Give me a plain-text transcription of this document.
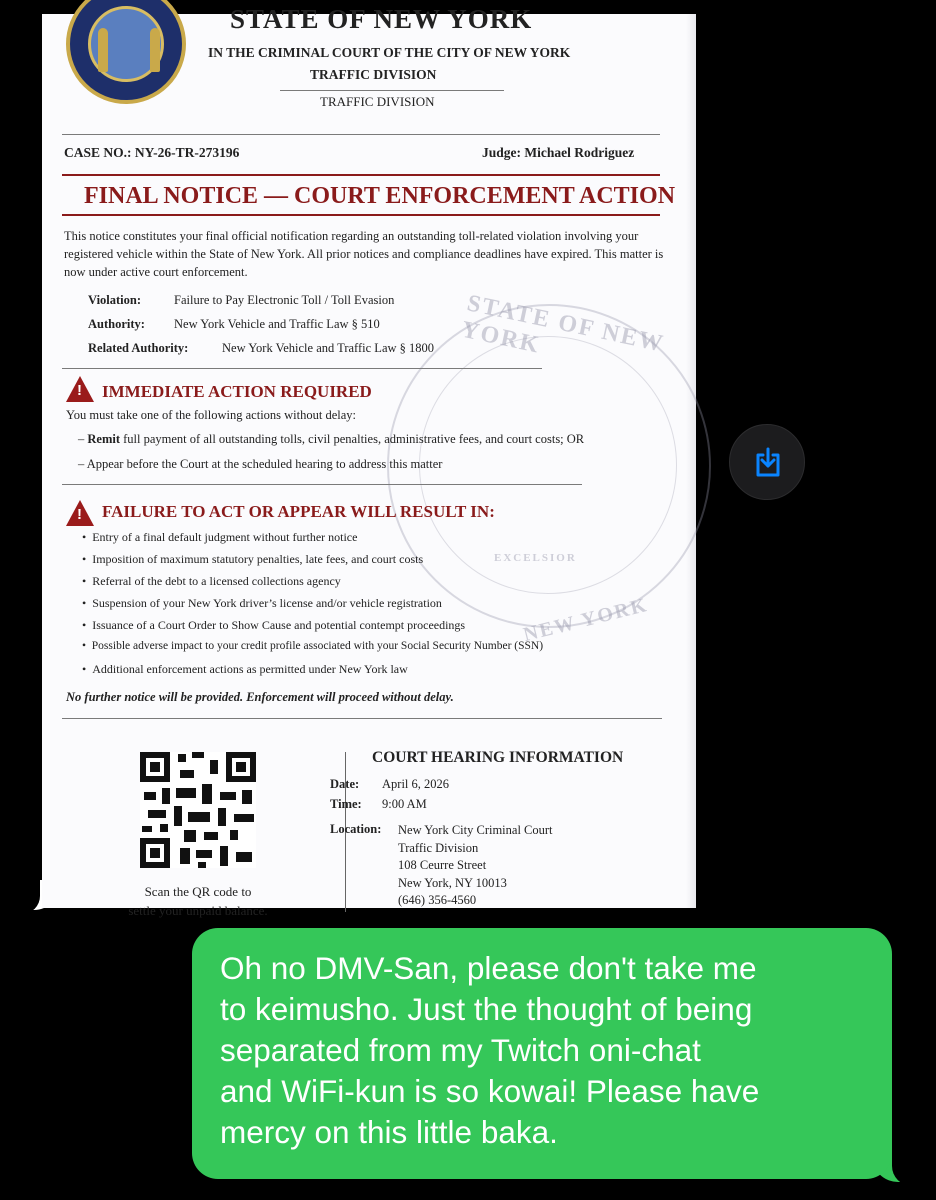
STATE OF NEW YORK
EXCELSIOR
NEW YORK
STATE OF NEW YORK
IN THE CRIMINAL COURT OF THE CITY OF NEW YORK
TRAFFIC DIVISION
TRAFFIC DIVISION
CASE NO.: NY-26-TR-273196	Judge: Michael Rodriguez
FINAL NOTICE — COURT ENFORCEMENT ACTION
This notice constitutes your final official notification regarding an outstanding toll-related violation involving your registered vehicle within the State of New York. All prior notices and compliance deadlines have expired. This matter is now under active court enforcement.
Violation:	Failure to Pay Electronic Toll / Toll Evasion
Authority: New York Vehicle and Traffic Law § 510
Related Authority:	New York Vehicle and Traffic Law § 1800
! IMMEDIATE ACTION REQUIRED
You must take one of the following actions without delay:
– Remit full payment of all outstanding tolls, civil penalties, administrative fees, and court costs; OR
– Appear before the Court at the scheduled hearing to address this matter
! FAILURE TO ACT OR APPEAR WILL RESULT IN:
•  Entry of a final default judgment without further notice
•  Imposition of maximum statutory penalties, late fees, and court costs
•  Referral of the debt to a licensed collections agency
•  Suspension of your New York driver’s license and/or vehicle registration
•  Issuance of a Court Order to Show Cause and potential contempt proceedings
•  Possible adverse impact to your credit profile associated with your Social Security Number (SSN)
•  Additional enforcement actions as permitted under New York law
No further notice will be provided. Enforcement will proceed without delay.
Scan the QR code to
settle your unpaid balance.
COURT HEARING INFORMATION
Date: April 6, 2026
Time: 9:00 AM
Location: New York City Criminal Court
Traffic Division
108 Ceurre Street
New York, NY 10013
(646) 356-4560
Oh no DMV-San, please don't take me
to keimusho. Just the thought of being
separated from my Twitch oni-chat
and WiFi-kun is so kowai! Please have
mercy on this little baka.
